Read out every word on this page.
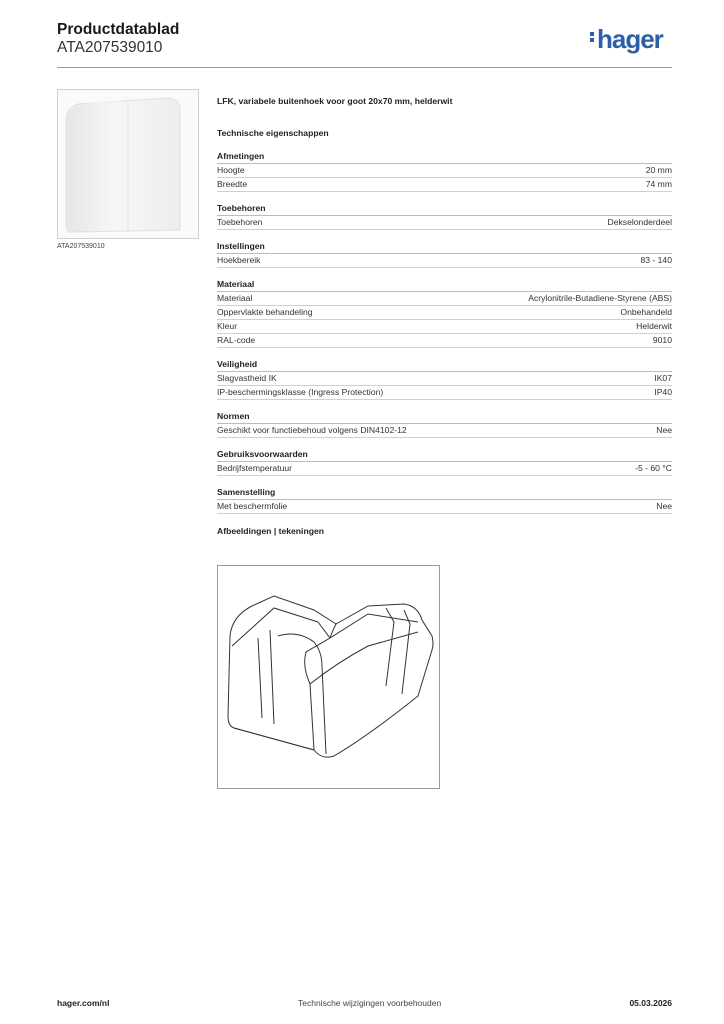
Productdatablad
ATA207539010	hager
ATA207539010
LFK, variabele buitenhoek voor goot 20x70 mm, helderwit
Technische eigenschappen
Afmetingen
Hoogte	20 mm
Breedte	74 mm
Toebehoren
Toebehoren	Dekselonderdeel
Instellingen
Hoekbereik	83 - 140
Materiaal
Materiaal	Acrylonitrile-Butadiene-Styrene (ABS)
Oppervlakte behandeling	Onbehandeld
Kleur	Helderwit
RAL-code	9010
Veiligheid
Slagvastheid IK	IK07
IP-beschermingsklasse (Ingress Protection)	IP40
Normen
Geschikt voor functiebehoud volgens DIN4102-12	Nee
Gebruiksvoorwaarden
Bedrijfstemperatuur	-5 - 60 °C
Samenstelling
Met beschermfolie	Nee
Afbeeldingen | tekeningen
hager.com/nl	Technische wijzigingen voorbehouden	05.03.2026
